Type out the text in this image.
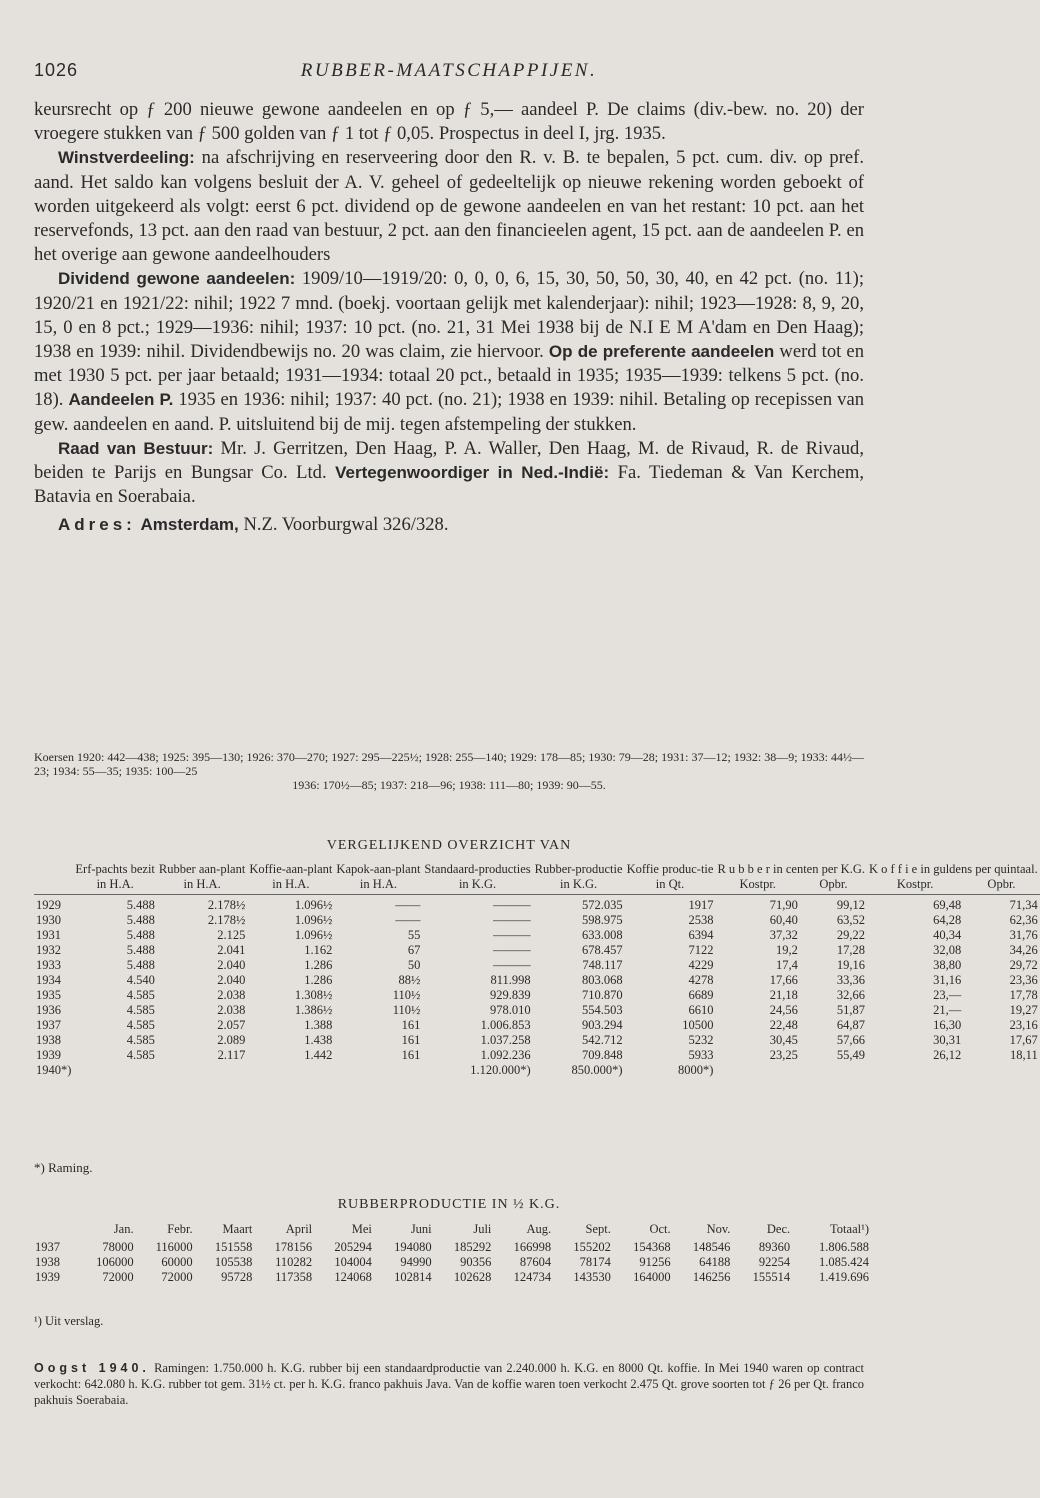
1026	RUBBER-MAATSCHAPPIJEN.

keursrecht op ƒ 200 nieuwe gewone aandeelen en op ƒ 5,— aandeel P. De claims (div.-bew. no. 20) der vroegere stukken van ƒ 500 golden van ƒ 1 tot ƒ 0,05. Prospectus in deel I, jrg. 1935.

Winstverdeeling: na afschrijving en reserveering door den R. v. B. te bepalen, 5 pct. cum. div. op pref. aand. Het saldo kan volgens besluit der A. V. geheel of gedeeltelijk op nieuwe rekening worden geboekt of worden uitgekeerd als volgt: eerst 6 pct. dividend op de gewone aandeelen en van het restant: 10 pct. aan het reservefonds, 13 pct. aan den raad van bestuur, 2 pct. aan den financieelen agent, 15 pct. aan de aandeelen P. en het overige aan gewone aandeelhouders

Dividend gewone aandeelen: 1909/10—1919/20: 0, 0, 0, 6, 15, 30, 50, 50, 30, 40, en 42 pct. (no. 11); 1920/21 en 1921/22: nihil; 1922 7 mnd. (boekj. voortaan gelijk met kalenderjaar): nihil; 1923—1928: 8, 9, 20, 15, 0 en 8 pct.; 1929—1936: nihil; 1937: 10 pct. (no. 21, 31 Mei 1938 bij de N.I E M A'dam en Den Haag); 1938 en 1939: nihil. Dividendbewijs no. 20 was claim, zie hiervoor. Op de preferente aandeelen werd tot en met 1930 5 pct. per jaar betaald; 1931—1934: totaal 20 pct., betaald in 1935; 1935—1939: telkens 5 pct. (no. 18). Aandeelen P. 1935 en 1936: nihil; 1937: 40 pct. (no. 21); 1938 en 1939: nihil. Betaling op recepissen van gew. aandeelen en aand. P. uitsluitend bij de mij. tegen afstempeling der stukken.

Raad van Bestuur: Mr. J. Gerritzen, Den Haag, P. A. Waller, Den Haag, M. de Rivaud, R. de Rivaud, beiden te Parijs en Bungsar Co. Ltd. Vertegenwoordiger in Ned.-Indië: Fa. Tiedeman & Van Kerchem, Batavia en Soerabaia.

Adres: Amsterdam, N.Z. Voorburgwal 326/328.

Koersen 1920: 442—438; 1925: 395—130; 1926: 370—270; 1927: 295—225½; 1928: 255—140; 1929: 178—85; 1930: 79—28; 1931: 37—12; 1932: 38—9; 1933: 44½—23; 1934: 55—35; 1935: 100—25
1936: 170½—85; 1937: 218—96; 1938: 111—80; 1939: 90—55.
VERGELIJKEND OVERZICHT VAN
	Erf-pachts bezit	Rubber aan-plant	Koffie-aan-plant	Kapok-aan-plant	Standaard-producties	Rubber-productie	Koffie produc-tie	R u b b e r in centen per K.G.		K o f f i e in guldens per quintaal.	
	in H.A.	in H.A.	in H.A.	in H.A.	in K.G.	in K.G.	in Qt.	Kostpr.	Opbr.	Kostpr.	Opbr.
1929	5.488	2.178½	1.096½	——	———	572.035	1917	71,90	99,12	69,48	71,34
1930	5.488	2.178½	1.096½	——	———	598.975	2538	60,40	63,52	64,28	62,36
1931	5.488	2.125	1.096½	55	———	633.008	6394	37,32	29,22	40,34	31,76
1932	5.488	2.041	1.162	67	———	678.457	7122	19,2	17,28	32,08	34,26
1933	5.488	2.040	1.286	50	———	748.117	4229	17,4	19,16	38,80	29,72
1934	4.540	2.040	1.286	88½	811.998	803.068	4278	17,66	33,36	31,16	23,36
1935	4.585	2.038	1.308½	110½	929.839	710.870	6689	21,18	32,66	23,—	17,78
1936	4.585	2.038	1.386½	110½	978.010	554.503	6610	24,56	51,87	21,—	19,27
1937	4.585	2.057	1.388	161	1.006.853	903.294	10500	22,48	64,87	16,30	23,16
1938	4.585	2.089	1.438	161	1.037.258	542.712	5232	30,45	57,66	30,31	17,67
1939	4.585	2.117	1.442	161	1.092.236	709.848	5933	23,25	55,49	26,12	18,11
1940*)					1.120.000*)	850.000*)	8000*)				
*) Raming.
RUBBERPRODUCTIE IN ½ K.G.
	Jan.	Febr.	Maart	April	Mei	Juni	Juli	Aug.	Sept.	Oct.	Nov.	Dec.	Totaal¹)
1937	78000	116000	151558	178156	205294	194080	185292	166998	155202	154368	148546	89360	1.806.588
1938	106000	60000	105538	110282	104004	94990	90356	87604	78174	91256	64188	92254	1.085.424
1939	72000	72000	95728	117358	124068	102814	102628	124734	143530	164000	146256	155514	1.419.696
¹) Uit verslag.
Oogst 1940. Ramingen: 1.750.000 h. K.G. rubber bij een standaardproductie van 2.240.000 h. K.G. en 8000 Qt. koffie. In Mei 1940 waren op contract verkocht: 642.080 h. K.G. rubber tot gem. 31½ ct. per h. K.G. franco pakhuis Java. Van de koffie waren toen verkocht 2.475 Qt. grove soorten tot ƒ 26 per Qt. franco pakhuis Soerabaia.
